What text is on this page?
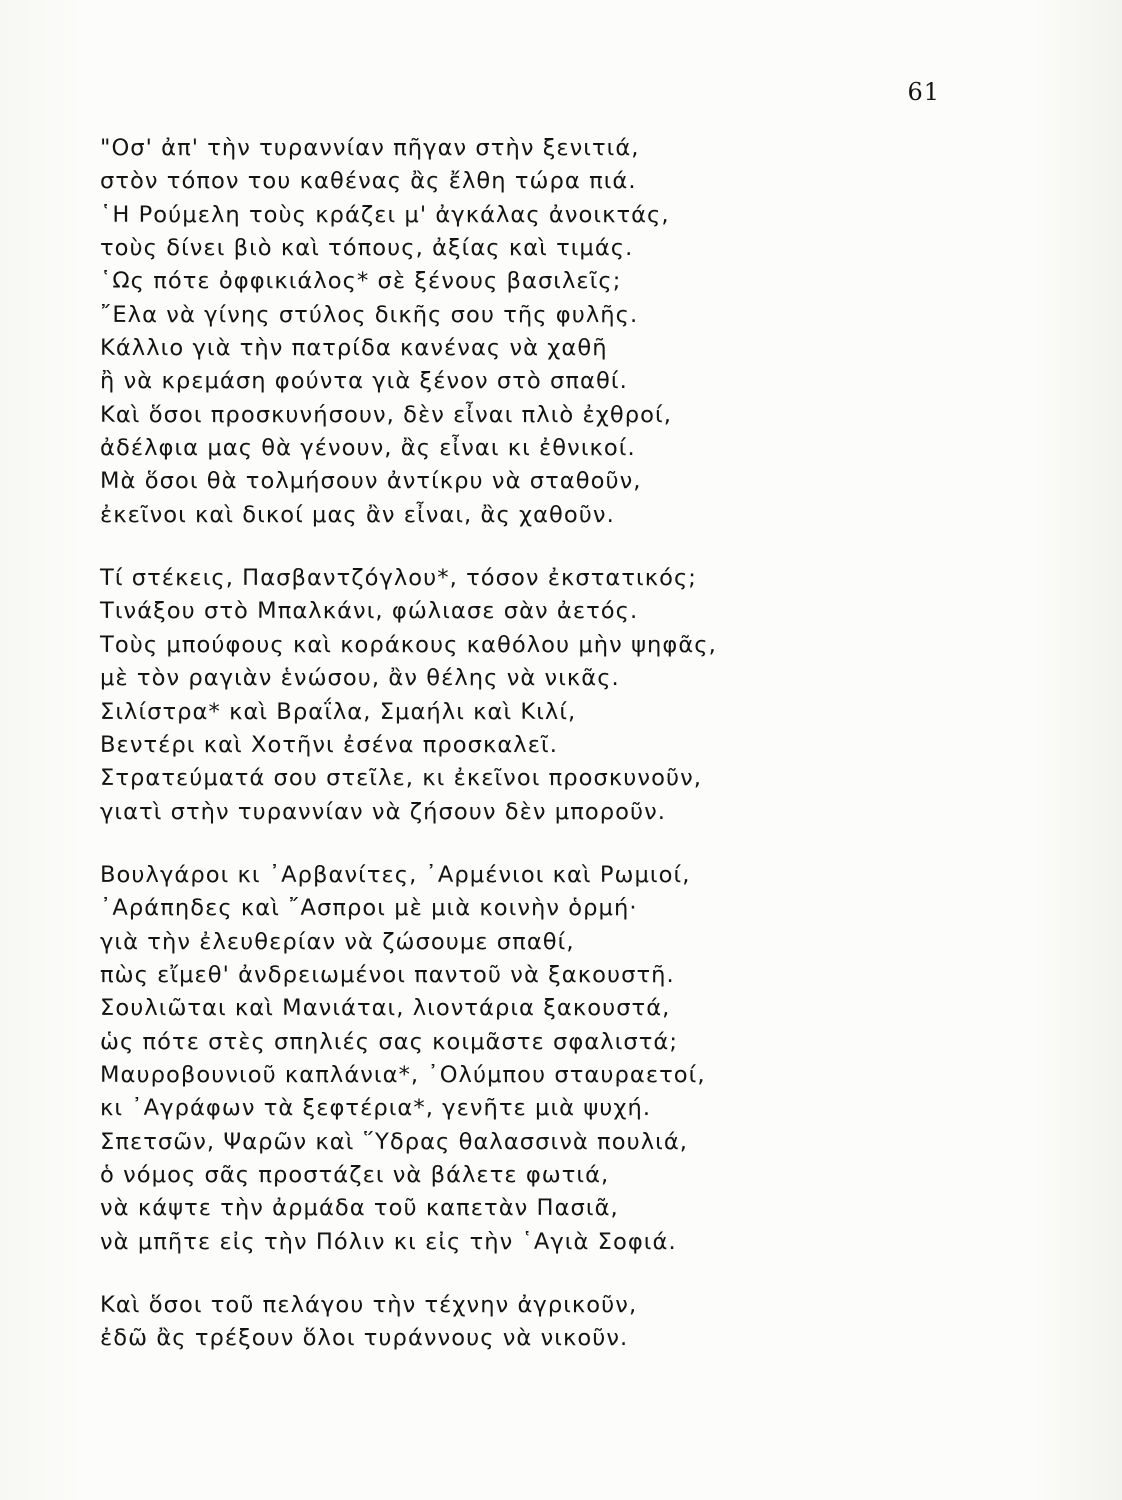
61
"Οσ' ἀπ' τὴν τυραννίαν πῆγαν στὴν ξενιτιά,
στὸν τόπον του καθένας ἂς ἔλθη τώρα πιά.
῾Η Ρούμελη τοὺς κράζει μ' ἀγκάλας ἀνοικτάς,
τοὺς δίνει βιὸ καὶ τόπους, ἀξίας καὶ τιμάς.
῾Ως πότε ὀφφικιάλος* σὲ ξένους βασιλεῖς;
῎Ελα νὰ γίνης στύλος δικῆς σου τῆς φυλῆς.
Κάλλιο γιὰ τὴν πατρίδα κανένας νὰ χαθῆ
ἢ νὰ κρεμάση φούντα γιὰ ξένον στὸ σπαθί.
Καὶ ὅσοι προσκυνήσουν, δὲν εἶναι πλιὸ ἐχθροί,
ἀδέλφια μας θὰ γένουν, ἂς εἶναι κι ἐθνικοί.
Μὰ ὅσοι θὰ τολμήσουν ἀντίκρυ νὰ σταθοῦν,
ἐκεῖνοι καὶ δικοί μας ἂν εἶναι, ἂς χαθοῦν.
Τί στέκεις, Πασβαντζόγλου*, τόσον ἐκστατικός;
Τινάξου στὸ Μπαλκάνι, φώλιασε σὰν ἀετός.
Τοὺς μπούφους καὶ κοράκους καθόλου μὴν ψηφᾶς,
μὲ τὸν ραγιὰν ἑνώσου, ἂν θέλης νὰ νικᾶς.
Σιλίστρα* καὶ Βραΐλα, Σμαήλι καὶ Κιλί,
Βεντέρι καὶ Χοτῆνι ἐσένα προσκαλεῖ.
Στρατεύματά σου στεῖλε, κι ἐκεῖνοι προσκυνοῦν,
γιατὶ στὴν τυραννίαν νὰ ζήσουν δὲν μποροῦν.
Βουλγάροι κι ᾿Αρβανίτες, ᾿Αρμένιοι καὶ Ρωμιοί,
᾿Αράπηδες καὶ ῎Ασπροι μὲ μιὰ κοινὴν ὁρμή·
γιὰ τὴν ἐλευθερίαν νὰ ζώσουμε σπαθί,
πὼς εἴμεθ' ἀνδρειωμένοι παντοῦ νὰ ξακουστῆ.
Σουλιῶται καὶ Μανιάται, λιοντάρια ξακουστά,
ὡς πότε στὲς σπηλιές σας κοιμᾶστε σφαλιστά;
Μαυροβουνιοῦ καπλάνια*, ᾿Ολύμπου σταυραετοί,
κι ᾿Αγράφων τὰ ξεφτέρια*, γενῆτε μιὰ ψυχή.
Σπετσῶν, Ψαρῶν καὶ ῞Υδρας θαλασσινὰ πουλιά,
ὁ νόμος σᾶς προστάζει νὰ βάλετε φωτιά,
νὰ κάψτε τὴν ἀρμάδα τοῦ καπετὰν Πασιᾶ,
νὰ μπῆτε εἰς τὴν Πόλιν κι εἰς τὴν ῾Αγιὰ Σοφιά.
Καὶ ὅσοι τοῦ πελάγου τὴν τέχνην ἀγρικοῦν,
ἐδῶ ἂς τρέξουν ὅλοι τυράννους νὰ νικοῦν.
